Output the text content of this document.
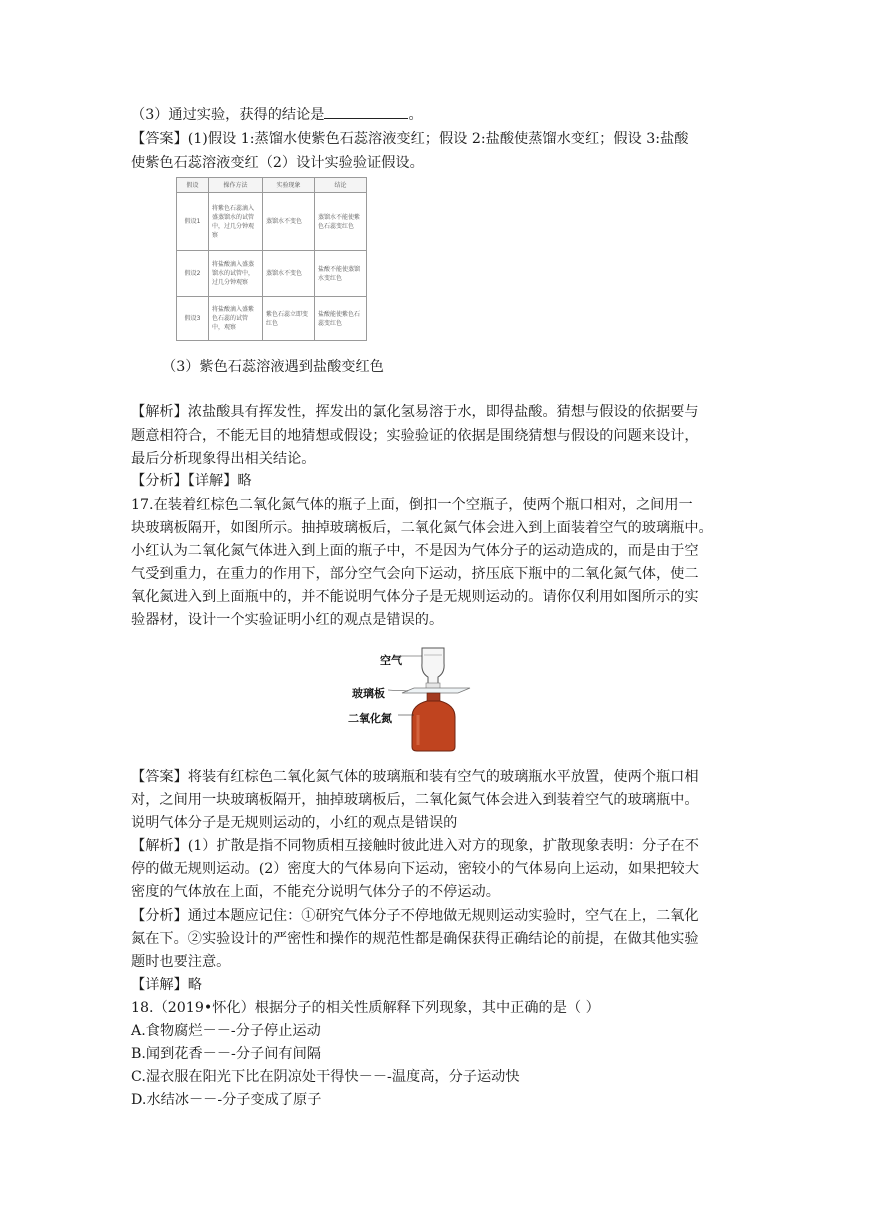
（3）通过实验，获得的结论是	。
【答案】(1)假设 1:蒸馏水使紫色石蕊溶液变红；假设 2:盐酸使蒸馏水变红；假设 3:盐酸
使紫色石蕊溶液变红（2）设计实验验证假设。
假设	操作方法	实验现象	结论
假设1	将紫色石蕊滴入盛蒸馏水的试管中，过几分钟观察	蒸馏水不变色	蒸馏水不能使紫色石蕊变红色
假设2	将盐酸滴入盛蒸馏水的试管中，过几分钟观察	蒸馏水不变色	盐酸不能使蒸馏水变红色
假设3	将盐酸滴入盛紫色石蕊的试管中，观察	紫色石蕊立即变红色	盐酸能使紫色石蕊变红色
（3）紫色石蕊溶液遇到盐酸变红色
【解析】浓盐酸具有挥发性，挥发出的氯化氢易溶于水，即得盐酸。猜想与假设的依据要与
题意相符合，不能无目的地猜想或假设；实验验证的依据是围绕猜想与假设的问题来设计，
最后分析现象得出相关结论。
【分析】【详解】略
17.在装着红棕色二氧化氮气体的瓶子上面，倒扣一个空瓶子，使两个瓶口相对，之间用一
块玻璃板隔开，如图所示。抽掉玻璃板后，二氧化氮气体会进入到上面装着空气的玻璃瓶中。
小红认为二氧化氮气体进入到上面的瓶子中，不是因为气体分子的运动造成的，而是由于空
气受到重力，在重力的作用下，部分空气会向下运动，挤压底下瓶中的二氧化氮气体，使二
氧化氮进入到上面瓶中的，并不能说明气体分子是无规则运动的。请你仅利用如图所示的实
验器材，设计一个实验证明小红的观点是错误的。
空气
玻璃板
二氧化氮
【答案】将装有红棕色二氧化氮气体的玻璃瓶和装有空气的玻璃瓶水平放置，使两个瓶口相
对，之间用一块玻璃板隔开，抽掉玻璃板后，二氧化氮气体会进入到装着空气的玻璃瓶中。
说明气体分子是无规则运动的，小红的观点是错误的
【解析】(1）扩散是指不同物质相互接触时彼此进入对方的现象，扩散现象表明：分子在不
停的做无规则运动。(2）密度大的气体易向下运动，密较小的气体易向上运动，如果把较大
密度的气体放在上面，不能充分说明气体分子的不停运动。
【分析】通过本题应记住：①研究气体分子不停地做无规则运动实验时，空气在上，二氧化
氮在下。②实验设计的严密性和操作的规范性都是确保获得正确结论的前提，在做其他实验
题时也要注意。
【详解】略
18.（2019•怀化）根据分子的相关性质解释下列现象，其中正确的是（ ）
A.食物腐烂－－-分子停止运动
B.闻到花香－－-分子间有间隔
C.湿衣服在阳光下比在阴凉处干得快－－-温度高，分子运动快
D.水结冰－－-分子变成了原子
